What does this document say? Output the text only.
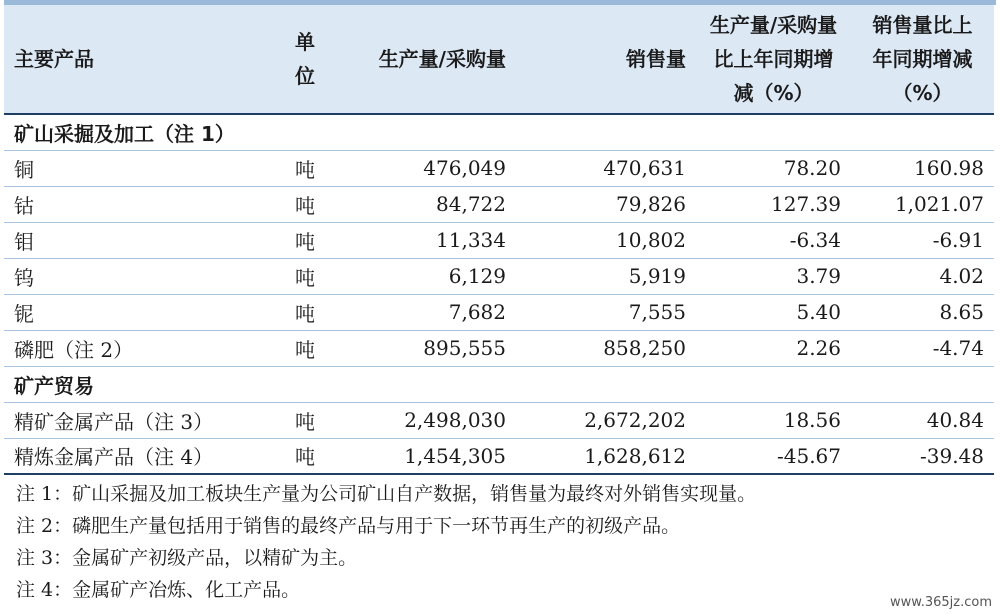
主要产品	单位	生产量/采购量	销售量	生产量/采购量比上年同期增减（%）	销售量比上年同期增减（%）
矿山采掘及加工（注 1）					
铜	吨	476,049	470,631	78.20	160.98
钴	吨	84,722	79,826	127.39	1,021.07
钼	吨	11,334	10,802	-6.34	-6.91
钨	吨	6,129	5,919	3.79	4.02
铌	吨	7,682	7,555	5.40	8.65
磷肥（注 2）	吨	895,555	858,250	2.26	-4.74
矿产贸易					
精矿金属产品（注 3）	吨	2,498,030	2,672,202	18.56	40.84
精炼金属产品（注 4）	吨	1,454,305	1,628,612	-45.67	-39.48
注 1：矿山采掘及加工板块生产量为公司矿山自产数据，销售量为最终对外销售实现量。
注 2：磷肥生产量包括用于销售的最终产品与用于下一环节再生产的初级产品。
注 3：金属矿产初级产品，以精矿为主。
注 4：金属矿产冶炼、化工产品。
www.365jz.com
